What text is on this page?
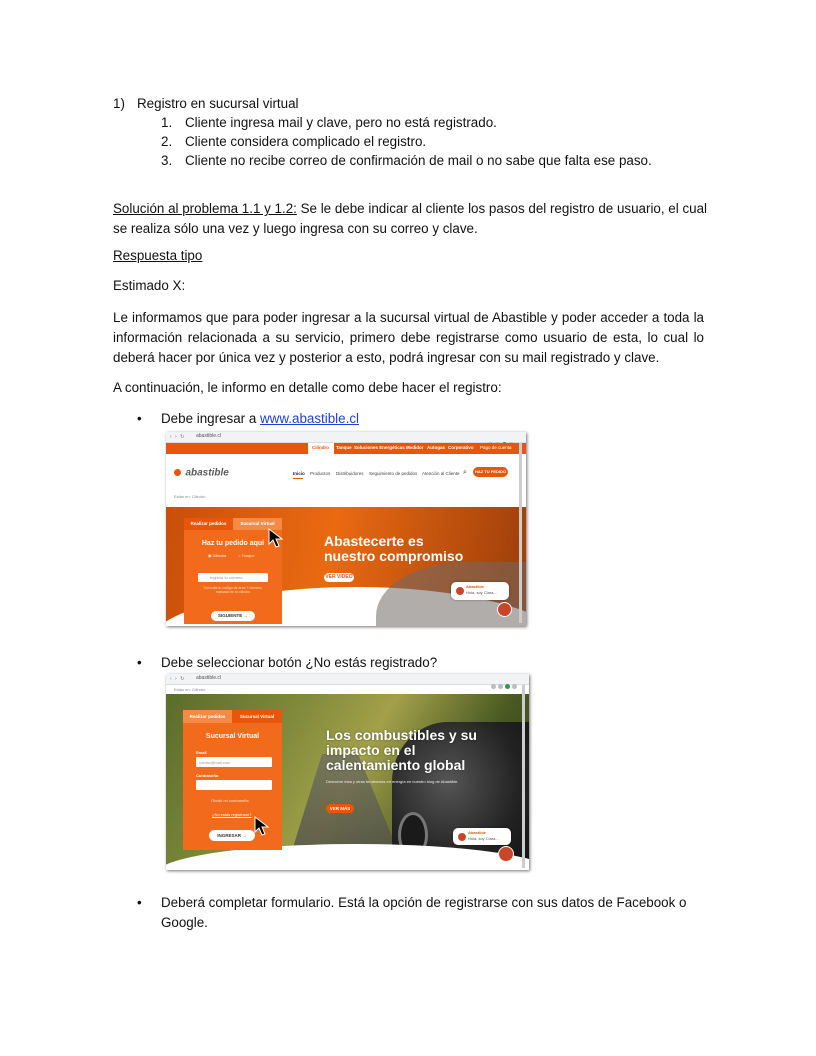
1) Registro en sucursal virtual
1. Cliente ingresa mail y clave, pero no está registrado.
2. Cliente considera complicado el registro.
3. Cliente no recibe correo de confirmación de mail o no sabe que falta ese paso.
Solución al problema 1.1 y 1.2: Se le debe indicar al cliente los pasos del registro de usuario, el cual
se realiza sólo una vez y luego ingresa con su correo y clave.
Respuesta tipo
Estimado X:
Le informamos que para poder ingresar a la sucursal virtual de Abastible y poder acceder a toda la
información relacionada a su servicio, primero debe registrarse como usuario de esta, lo cual lo
deberá hacer por única vez y posterior a esto, podrá ingresar con su mail registrado y clave.
A continuación, le informo en detalle como debe hacer el registro:
• Debe ingresar a www.abastible.cl
‹ › ↻ abastible.cl
Cilindro Tanque Soluciones Energéticas Medidor Autogas Corporativo Pago de cuenta
abastible	Inicio Productos Distribuidores Seguimiento de pedidos Atención al Cliente ⌕	HAZ TU PEDIDO
Estás en: Cilindro
Realizar pedidos	Sucursal Virtual
Haz tu pedido aquí
◉ Cilindro	○ Tanque
Ingresa tu número
Consulta tu código de área + número, marcado en tu cilindro
SIGUIENTE →
Abastecerte es
nuestro compromiso
VER VIDEO
Abastible
Hola, soy Clara...
• Debe seleccionar botón ¿No estás registrado?
‹ › ↻ abastible.cl
Estás en: Cilindro
Realizar pedidos	Sucursal Virtual
Sucursal Virtual
Email
correo@mail.com
Contraseña
Olvidé mi contraseña
¿No estás registrado?
INGRESAR →
Los combustibles y su
impacto en el
calentamiento global
Descubre esta y otras tendencias en energía en nuestro blog de Abastible.
VER MÁS
← →
Abastible
Hola, soy Clara...
• Deberá completar formulario. Está la opción de registrarse con sus datos de Facebook o
Google.
